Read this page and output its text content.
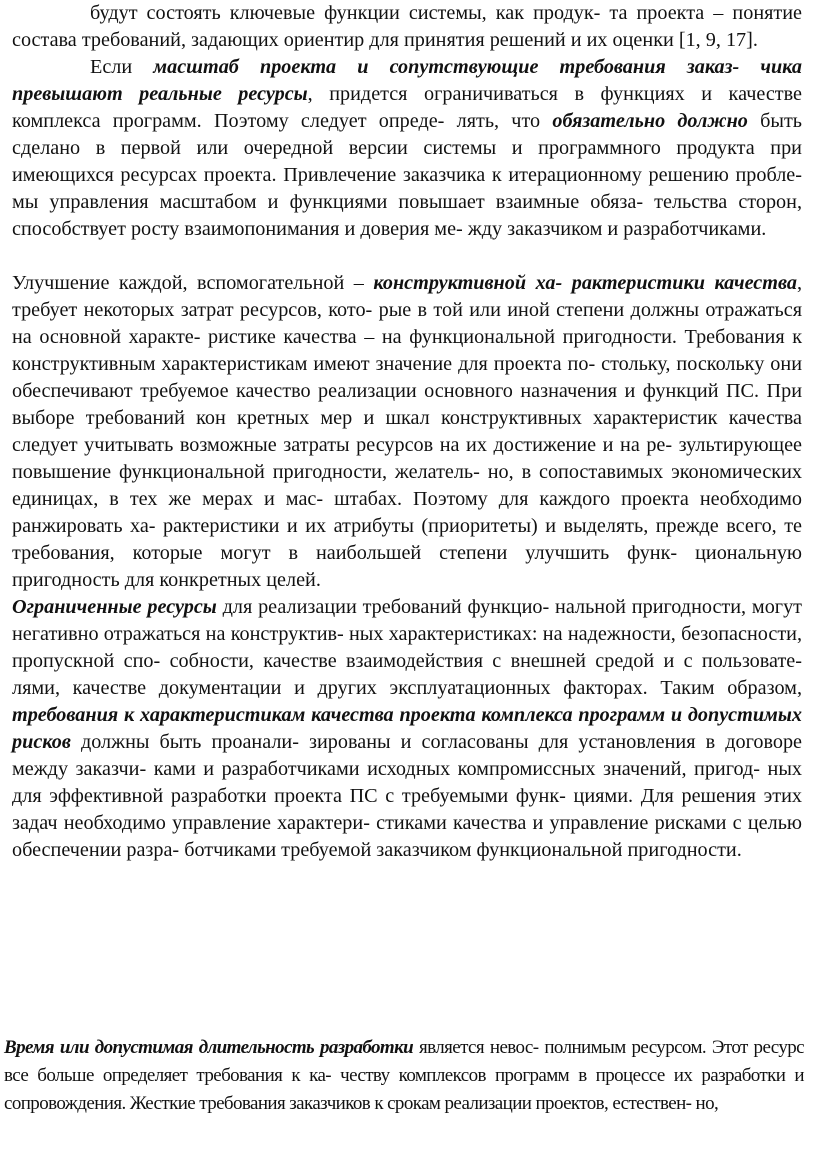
будут состоять ключевые функции системы, как продук- та проекта – понятие состава требований, задающих ориентир для принятия решений и их оценки [1, 9, 17].

Если масштаб проекта и сопутствующие требования заказ- чика превышают реальные ресурсы, придется ограничиваться в функциях и качестве комплекса программ. Поэтому следует опреде- лять, что обязательно должно быть сделано в первой или очередной версии системы и программного продукта при имеющихся ресурсах проекта. Привлечение заказчика к итерационному решению пробле- мы управления масштабом и функциями повышает взаимные обяза- тельства сторон, способствует росту взаимопонимания и доверия ме- жду заказчиком и разработчиками.

Улучшение каждой, вспомогательной – конструктивной ха- рактеристики качества, требует некоторых затрат ресурсов, кото- рые в той или иной степени должны отражаться на основной характе- ристике качества – на функциональной пригодности. Требования к конструктивным характеристикам имеют значение для проекта по- стольку, поскольку они обеспечивают требуемое качество реализации основного назначения и функций ПС. При выборе требований кон кретных мер и шкал конструктивных характеристик качества следует учитывать возможные затраты ресурсов на их достижение и на ре- зультирующее повышение функциональной пригодности, желатель- но, в сопоставимых экономических единицах, в тех же мерах и мас- штабах. Поэтому для каждого проекта необходимо ранжировать ха- рактеристики и их атрибуты (приоритеты) и выделять, прежде всего, те требования, которые могут в наибольшей степени улучшить функ- циональную пригодность для конкретных целей.

Ограниченные ресурсы для реализации требований функцио- нальной пригодности, могут негативно отражаться на конструктив- ных характеристиках: на надежности, безопасности, пропускной спо- собности, качестве взаимодействия с внешней средой и с пользовате- лями, качестве документации и других эксплуатационных факторах. Таким образом, требования к характеристикам качества проекта комплекса программ и допустимых рисков должны быть проанали- зированы и согласованы для установления в договоре между заказчи- ками и разработчиками исходных компромиссных значений, пригод- ных для эффективной разработки проекта ПС с требуемыми функ- циями. Для решения этих задач необходимо управление характери- стиками качества и управление рисками с целью обеспечении разра- ботчиками требуемой заказчиком функциональной пригодности.

Время или допустимая длительность разработки является невос- полнимым ресурсом. Этот ресурс все больше определяет требования к ка- честву комплексов программ в процессе их разработки и сопровождения. Жесткие требования заказчиков к срокам реализации проектов, естествен- но,
